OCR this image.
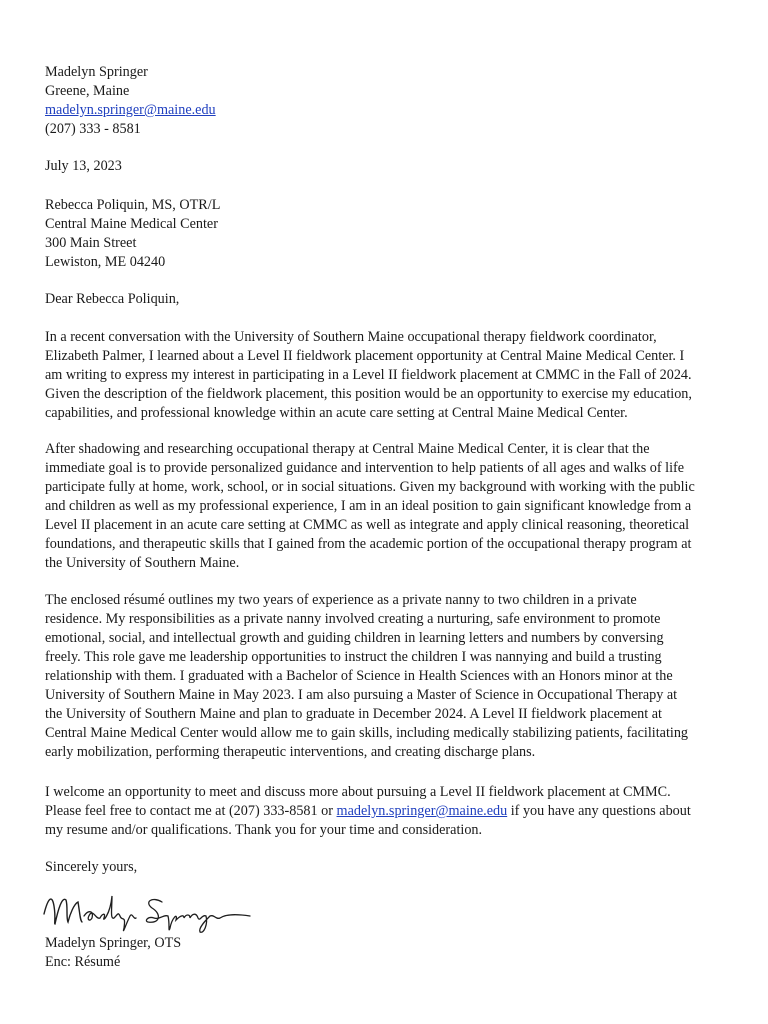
Madelyn Springer
Greene, Maine
madelyn.springer@maine.edu
(207) 333 - 8581
July 13, 2023
Rebecca Poliquin, MS, OTR/L
Central Maine Medical Center
300 Main Street
Lewiston, ME 04240
Dear Rebecca Poliquin,
In a recent conversation with the University of Southern Maine occupational therapy fieldwork coordinator,
Elizabeth Palmer, I learned about a Level II fieldwork placement opportunity at Central Maine Medical Center. I
am writing to express my interest in participating in a Level II fieldwork placement at CMMC in the Fall of 2024.
Given the description of the fieldwork placement, this position would be an opportunity to exercise my education,
capabilities, and professional knowledge within an acute care setting at Central Maine Medical Center.
After shadowing and researching occupational therapy at Central Maine Medical Center, it is clear that the
immediate goal is to provide personalized guidance and intervention to help patients of all ages and walks of life
participate fully at home, work, school, or in social situations. Given my background with working with the public
and children as well as my professional experience, I am in an ideal position to gain significant knowledge from a
Level II placement in an acute care setting at CMMC as well as integrate and apply clinical reasoning, theoretical
foundations, and therapeutic skills that I gained from the academic portion of the occupational therapy program at
the University of Southern Maine.
The enclosed résumé outlines my two years of experience as a private nanny to two children in a private
residence. My responsibilities as a private nanny involved creating a nurturing, safe environment to promote
emotional, social, and intellectual growth and guiding children in learning letters and numbers by conversing
freely. This role gave me leadership opportunities to instruct the children I was nannying and build a trusting
relationship with them. I graduated with a Bachelor of Science in Health Sciences with an Honors minor at the
University of Southern Maine in May 2023. I am also pursuing a Master of Science in Occupational Therapy at
the University of Southern Maine and plan to graduate in December 2024. A Level II fieldwork placement at
Central Maine Medical Center would allow me to gain skills, including medically stabilizing patients, facilitating
early mobilization, performing therapeutic interventions, and creating discharge plans.
I welcome an opportunity to meet and discuss more about pursuing a Level II fieldwork placement at CMMC.
Please feel free to contact me at (207) 333-8581 or madelyn.springer@maine.edu if you have any questions about
my resume and/or qualifications. Thank you for your time and consideration.
Sincerely yours,
Madelyn Springer, OTS
Enc: Résumé
